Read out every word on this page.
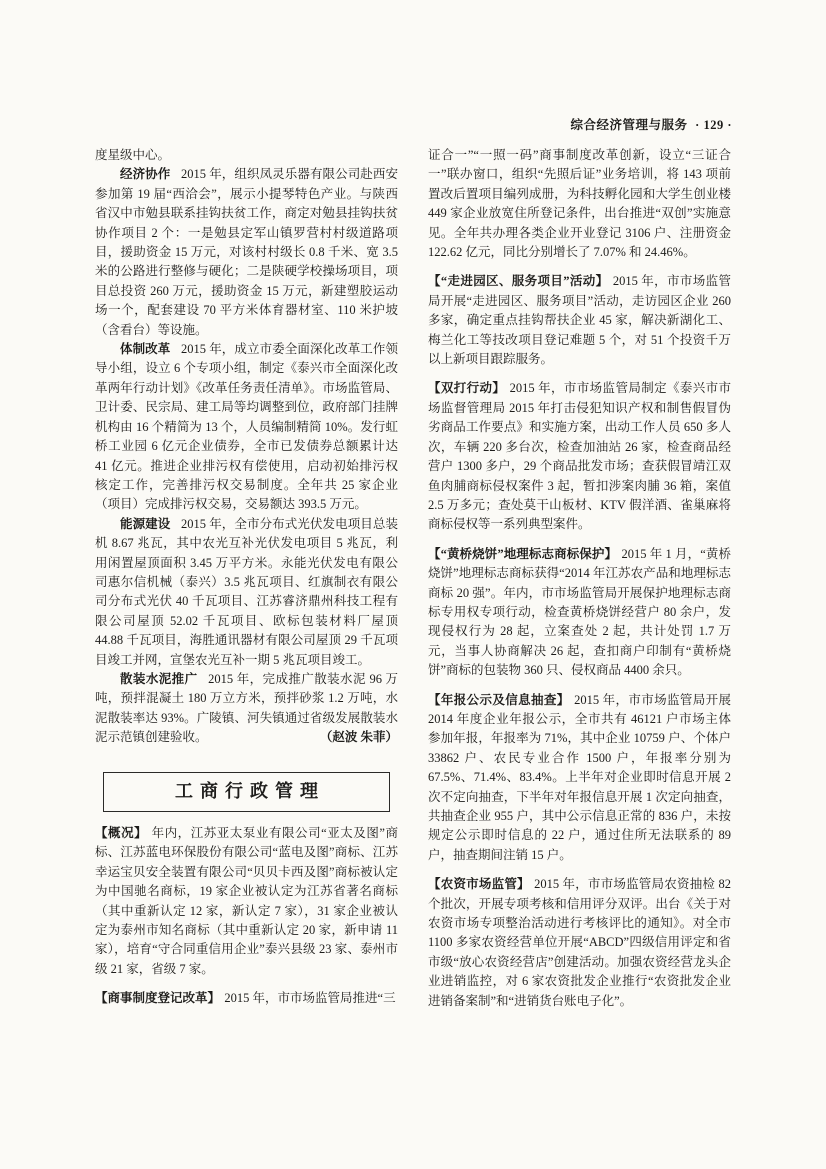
综合经济管理与服务 · 129 ·

度星级中心。

经济协作 2015 年，组织凤灵乐器有限公司赴西安参加第 19 届“西洽会”，展示小提琴特色产业。与陕西省汉中市勉县联系挂钩扶贫工作，商定对勉县挂钩扶贫协作项目 2 个：一是勉县定军山镇罗营村村级道路项目，援助资金 15 万元，对该村村级长 0.8 千米、宽 3.5 米的公路进行整修与硬化；二是陕硬学校操场项目，项目总投资 260 万元，援助资金 15 万元，新建塑胶运动场一个，配套建设 70 平方米体育器材室、110 米护坡（含看台）等设施。

体制改革 2015 年，成立市委全面深化改革工作领导小组，设立 6 个专项小组，制定《泰兴市全面深化改革两年行动计划》《改革任务责任清单》。市场监管局、卫计委、民宗局、建工局等均调整到位，政府部门挂牌机构由 16 个精简为 13 个，人员编制精简 10%。发行虹桥工业园 6 亿元企业债券，全市已发债券总额累计达 41 亿元。推进企业排污权有偿使用，启动初始排污权核定工作，完善排污权交易制度。全年共 25 家企业（项目）完成排污权交易，交易额达 393.5 万元。

能源建设 2015 年，全市分布式光伏发电项目总装机 8.67 兆瓦，其中农光互补光伏发电项目 5 兆瓦，利用闲置屋顶面积 3.45 万平方米。永能光伏发电有限公司惠尔信机械（泰兴）3.5 兆瓦项目、红旗制衣有限公司分布式光伏 40 千瓦项目、江苏睿济鼎州科技工程有限公司屋顶 52.02 千瓦项目、欧标包装材料厂屋顶 44.88 千瓦项目，海胜通讯器材有限公司屋顶 29 千瓦项目竣工并网，宣堡农光互补一期 5 兆瓦项目竣工。

散装水泥推广 2015 年，完成推广散装水泥 96 万吨，预拌混凝土 180 万立方米，预拌砂浆 1.2 万吨，水泥散装率达 93%。广陵镇、河失镇通过省级发展散装水泥示范镇创建验收。	（赵波 朱菲）

工商行政管理

【概况】 年内，江苏亚太泵业有限公司“亚太及图”商标、江苏蓝电环保股份有限公司“蓝电及图”商标、江苏幸运宝贝安全装置有限公司“贝贝卡西及图”商标被认定为中国驰名商标，19 家企业被认定为江苏省著名商标（其中重新认定 12 家，新认定 7 家），31 家企业被认定为泰州市知名商标（其中重新认定 20 家，新申请 11 家），培育“守合同重信用企业”泰兴县级 23 家、泰州市级 21 家，省级 7 家。

【商事制度登记改革】 2015 年，市市场监管局推进“三

证合一”“一照一码”商事制度改革创新，设立“三证合一”联办窗口，组织“先照后证”业务培训，将 143 项前置改后置项目编列成册，为科技孵化园和大学生创业楼 449 家企业放宽住所登记条件，出台推进“双创”实施意见。全年共办理各类企业开业登记 3106 户、注册资金 122.62 亿元，同比分别增长了 7.07% 和 24.46%。

【“走进园区、服务项目”活动】 2015 年，市市场监管局开展“走进园区、服务项目”活动，走访园区企业 260 多家，确定重点挂钩帮扶企业 45 家，解决新湖化工、梅兰化工等技改项目登记难题 5 个，对 51 个投资千万以上新项目跟踪服务。

【双打行动】 2015 年，市市场监管局制定《泰兴市市场监督管理局 2015 年打击侵犯知识产权和制售假冒伪劣商品工作要点》和实施方案，出动工作人员 650 多人次，车辆 220 多台次，检查加油站 26 家，检查商品经营户 1300 多户，29 个商品批发市场；查获假冒靖江双鱼肉脯商标侵权案件 3 起，暂扣涉案肉脯 36 箱，案值 2.5 万多元；查处莫干山板材、KTV 假洋酒、雀巢麻将商标侵权等一系列典型案件。

【“黄桥烧饼”地理标志商标保护】 2015 年 1 月，“黄桥烧饼”地理标志商标获得“2014 年江苏农产品和地理标志商标 20 强”。年内，市市场监管局开展保护地理标志商标专用权专项行动，检查黄桥烧饼经营户 80 余户，发现侵权行为 28 起，立案查处 2 起，共计处罚 1.7 万元，当事人协商解决 26 起，查扣商户印制有“黄桥烧饼”商标的包装物 360 只、侵权商品 4400 余只。

【年报公示及信息抽查】 2015 年，市市场监管局开展 2014 年度企业年报公示，全市共有 46121 户市场主体参加年报，年报率为 71%，其中企业 10759 户、个体户 33862 户、农民专业合作 1500 户，年报率分别为 67.5%、71.4%、83.4%。上半年对企业即时信息开展 2 次不定向抽查，下半年对年报信息开展 1 次定向抽查，共抽查企业 955 户，其中公示信息正常的 836 户，未按规定公示即时信息的 22 户，通过住所无法联系的 89 户，抽查期间注销 15 户。

【农资市场监管】 2015 年，市市场监管局农资抽检 82 个批次，开展专项考核和信用评分双评。出台《关于对农资市场专项整治活动进行考核评比的通知》。对全市 1100 多家农资经营单位开展“ABCD”四级信用评定和省市级“放心农资经营店”创建活动。加强农资经营龙头企业进销监控，对 6 家农资批发企业推行“农资批发企业进销备案制”和“进销货台账电子化”。
